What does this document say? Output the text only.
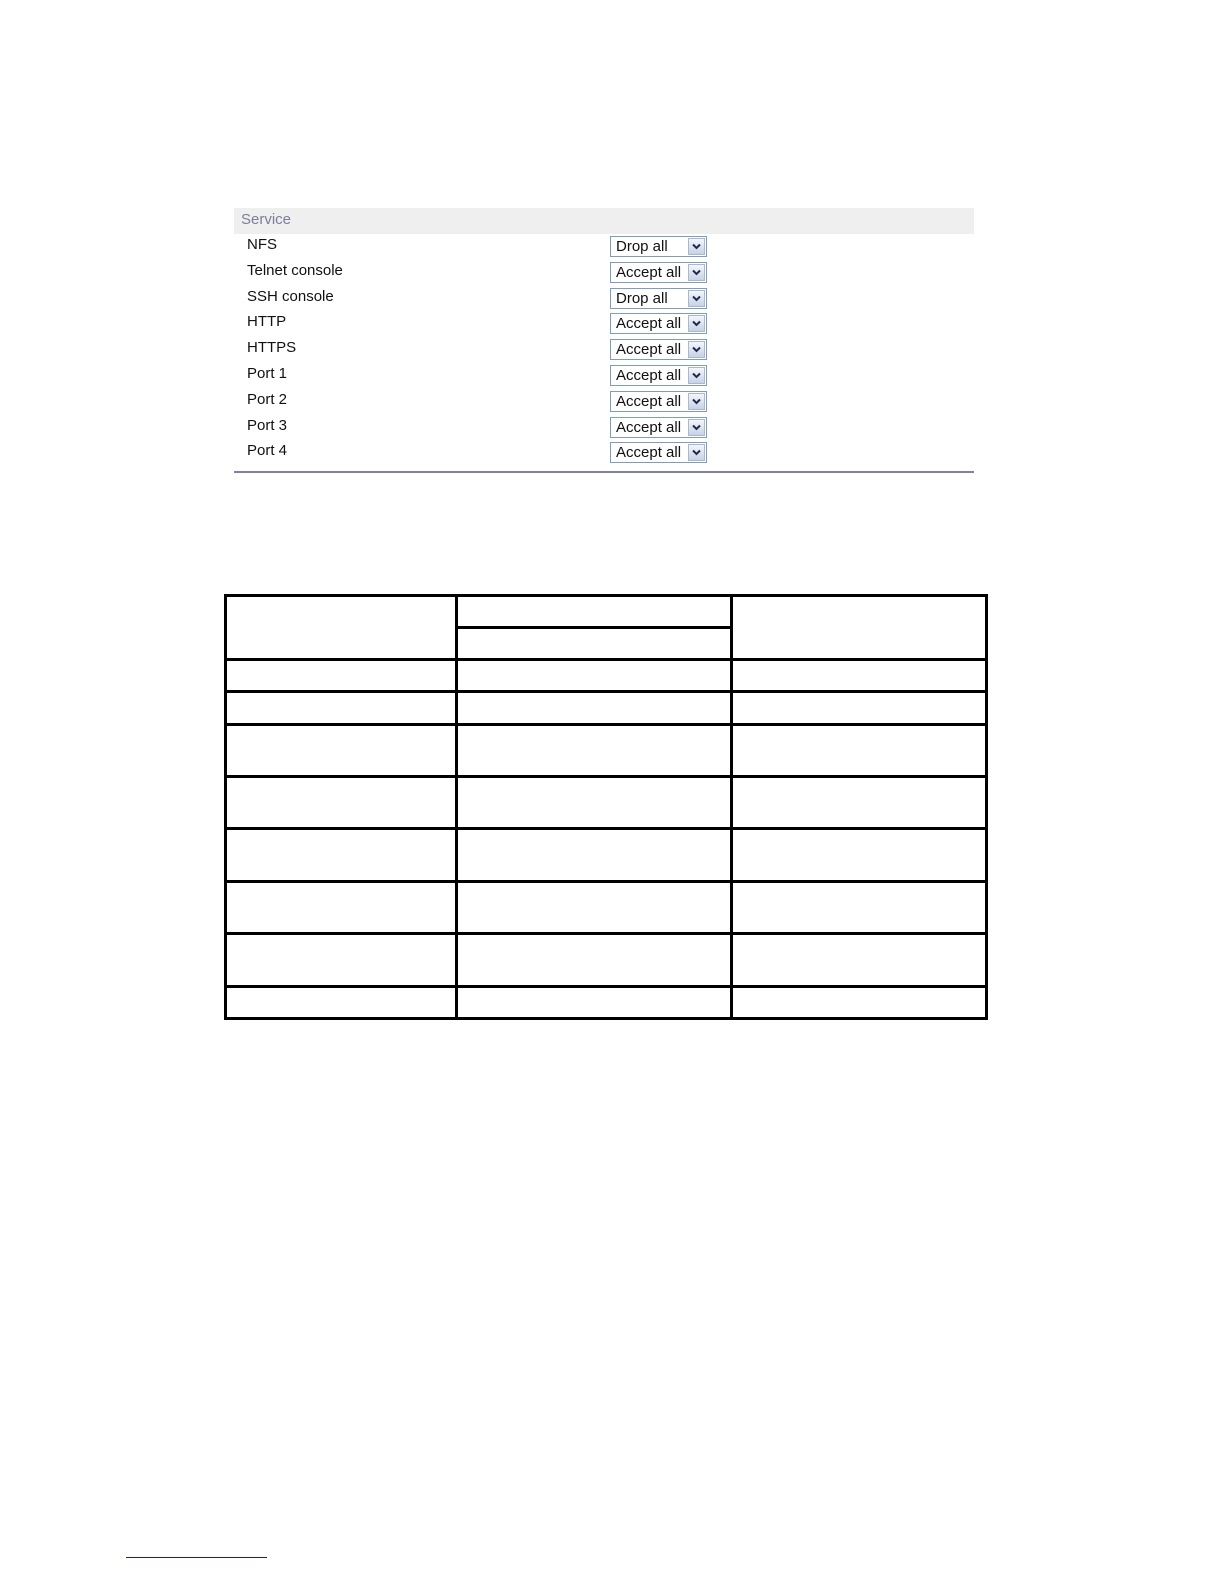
Service
NFS	Drop all
Telnet console	Accept all
SSH console	Drop all
HTTP	Accept all
HTTPS	Accept all
Port 1	Accept all
Port 2	Accept all
Port 3	Accept all
Port 4	Accept all
